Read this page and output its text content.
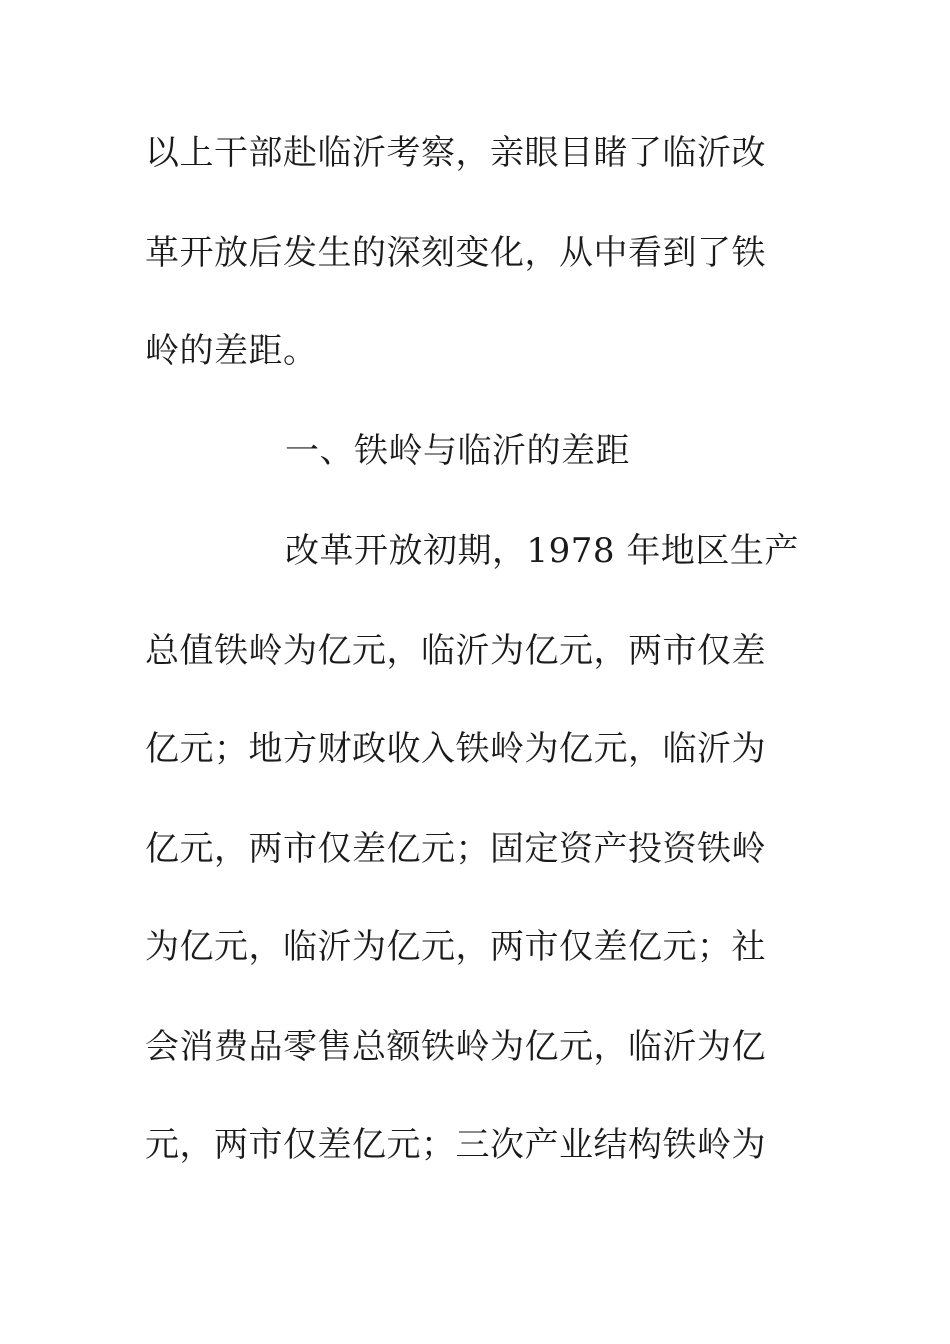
以上干部赴临沂考察，亲眼目睹了临沂改
革开放后发生的深刻变化，从中看到了铁
岭的差距。
一、铁岭与临沂的差距
改革开放初期，1978 年地区生产
总值铁岭为亿元，临沂为亿元，两市仅差
亿元；地方财政收入铁岭为亿元，临沂为
亿元，两市仅差亿元；固定资产投资铁岭
为亿元，临沂为亿元，两市仅差亿元；社
会消费品零售总额铁岭为亿元，临沂为亿
元，两市仅差亿元；三次产业结构铁岭为
